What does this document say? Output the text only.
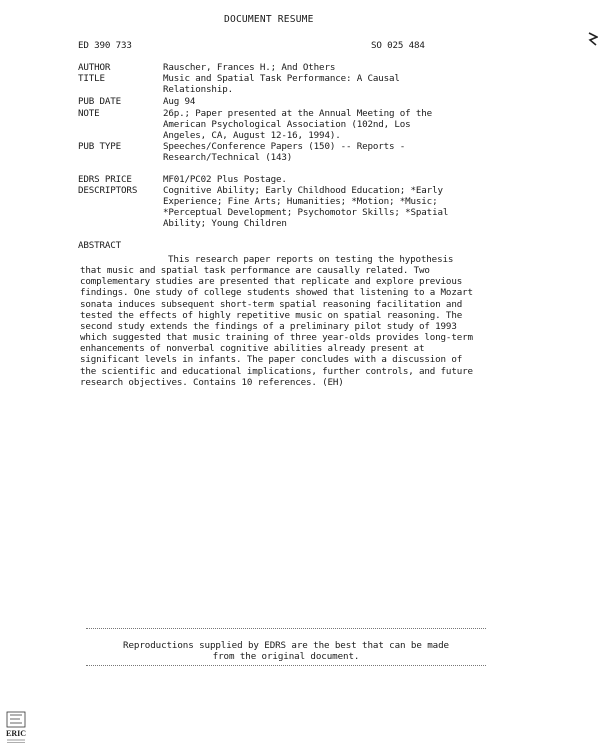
DOCUMENT RESUME
ED 390 733	SO 025 484
AUTHOR	Rauscher, Frances H.; And Others
TITLE	Music and Spatial Task Performance: A Causal
Relationship.
PUB DATE	Aug 94
NOTE	26p.; Paper presented at the Annual Meeting of the
American Psychological Association (102nd, Los
Angeles, CA, August 12-16, 1994).
PUB TYPE	Speeches/Conference Papers (150) -- Reports -
Research/Technical (143)
EDRS PRICE	MF01/PC02 Plus Postage.
DESCRIPTORS	Cognitive Ability; Early Childhood Education; *Early
Experience; Fine Arts; Humanities; *Motion; *Music;
*Perceptual Development; Psychomotor Skills; *Spatial
Ability; Young Children
ABSTRACT

This research paper reports on testing the hypothesis that music and spatial task performance are causally related. Two complementary studies are presented that replicate and explore previous findings. One study of college students showed that listening to a Mozart sonata induces subsequent short-term spatial reasoning facilitation and tested the effects of highly repetitive music on spatial reasoning. The second study extends the findings of a preliminary pilot study of 1993 which suggested that music training of three year-olds provides long-term enhancements of nonverbal cognitive abilities already present at significant levels in infants. The paper concludes with a discussion of the scientific and educational implications, further controls, and future research objectives. Contains 10 references. (EH)

Reproductions supplied by EDRS are the best that can be made
from the original document.
ERIC
